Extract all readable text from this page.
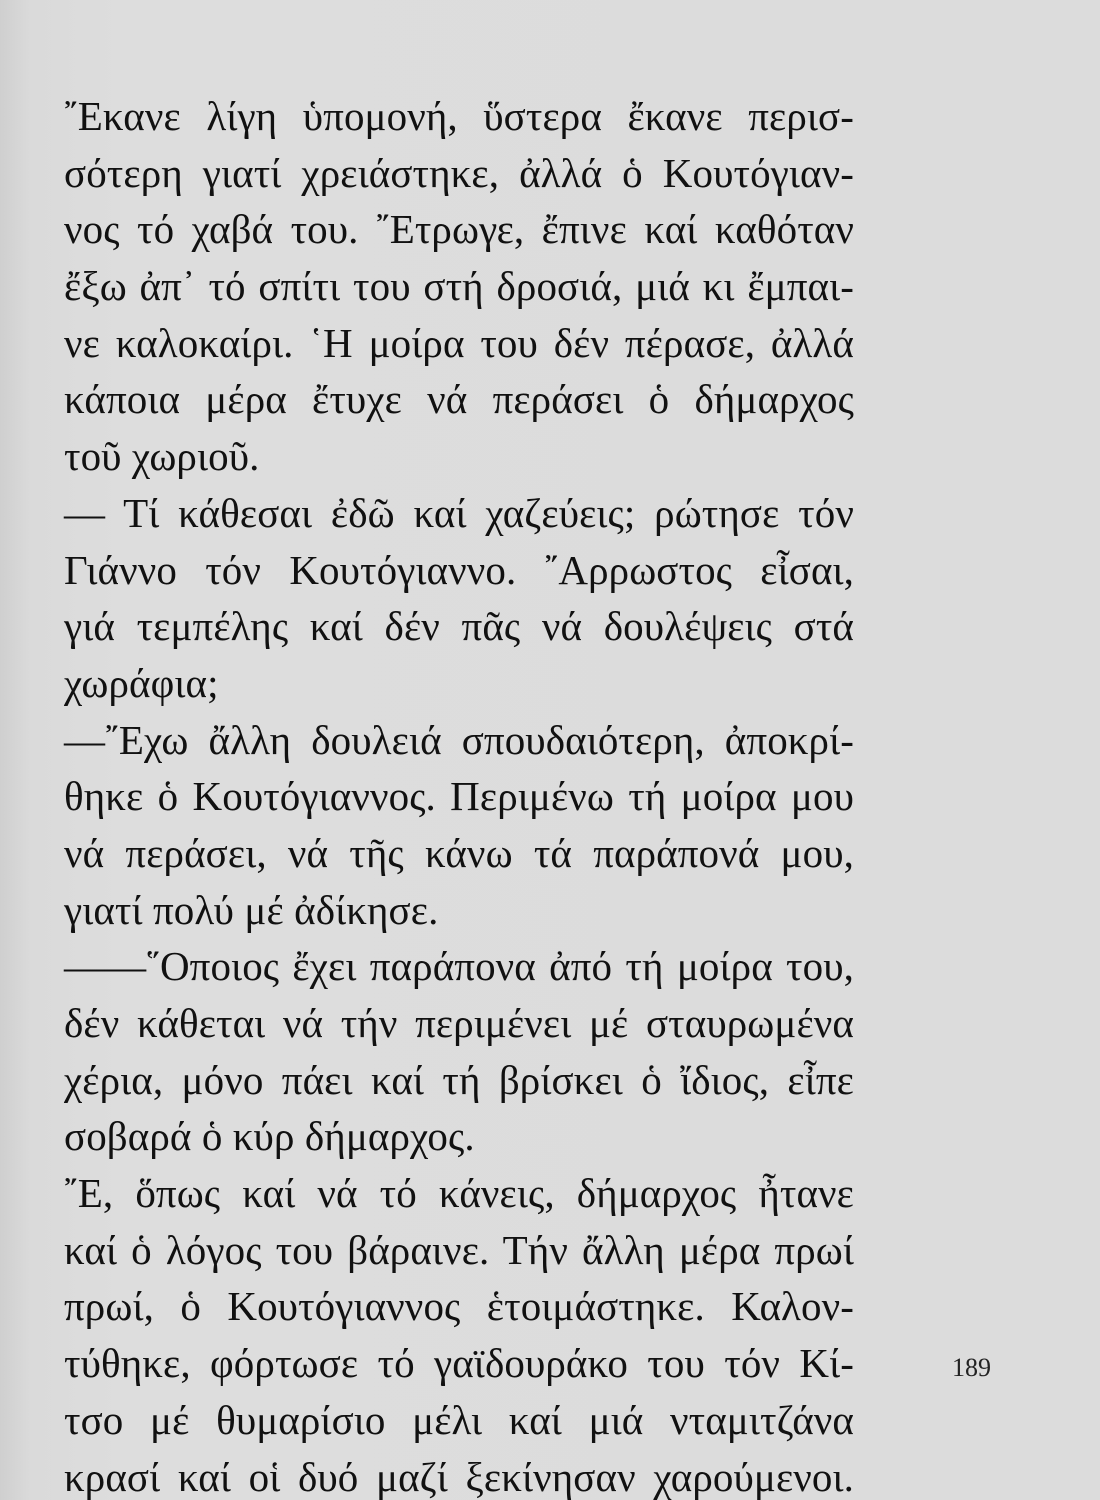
῎Εκανε λίγη ὑπομονή, ὕστερα ἔκανε περισ-
σότερη γιατί χρειάστηκε, ἀλλά ὁ Κουτόγιαν-
νος τό χαβά του. ῎Ετρωγε, ἔπινε καί καθόταν
ἔξω ἀπ᾿ τό σπίτι του στή δροσιά, μιά κι ἔμπαι-
νε καλοκαίρι. ῾Η μοίρα του δέν πέρασε, ἀλλά
κάποια μέρα ἔτυχε νά περάσει ὁ δήμαρχος
τοῦ χωριοῦ.
— Τί κάθεσαι ἐδῶ καί χαζεύεις; ρώτησε τόν
Γιάννο τόν Κουτόγιαννο. ῎Αρρωστος εἶσαι,
γιά τεμπέλης καί δέν πᾶς νά δουλέψεις στά
χωράφια;
—῎Εχω ἄλλη δουλειά σπουδαιότερη, ἀποκρί-
θηκε ὁ Κουτόγιαννος. Περιμένω τή μοίρα μου
νά περάσει, νά τῆς κάνω τά παράπονά μου,
γιατί πολύ μέ ἀδίκησε.
——῞Οποιος ἔχει παράπονα ἀπό τή μοίρα του,
δέν κάθεται νά τήν περιμένει μέ σταυρωμένα
χέρια, μόνο πάει καί τή βρίσκει ὁ ἴδιος, εἶπε
σοβαρά ὁ κύρ δήμαρχος.
῎Ε, ὅπως καί νά τό κάνεις, δήμαρχος ἦτανε
καί ὁ λόγος του βάραινε. Τήν ἄλλη μέρα πρωί
πρωί, ὁ Κουτόγιαννος ἑτοιμάστηκε. Καλον-
τύθηκε, φόρτωσε τό γαϊδουράκο του τόν Κί-
τσο μέ θυμαρίσιο μέλι καί μιά νταμιτζάνα
κρασί καί οἱ δυό μαζί ξεκίνησαν χαρούμενοι.
189
